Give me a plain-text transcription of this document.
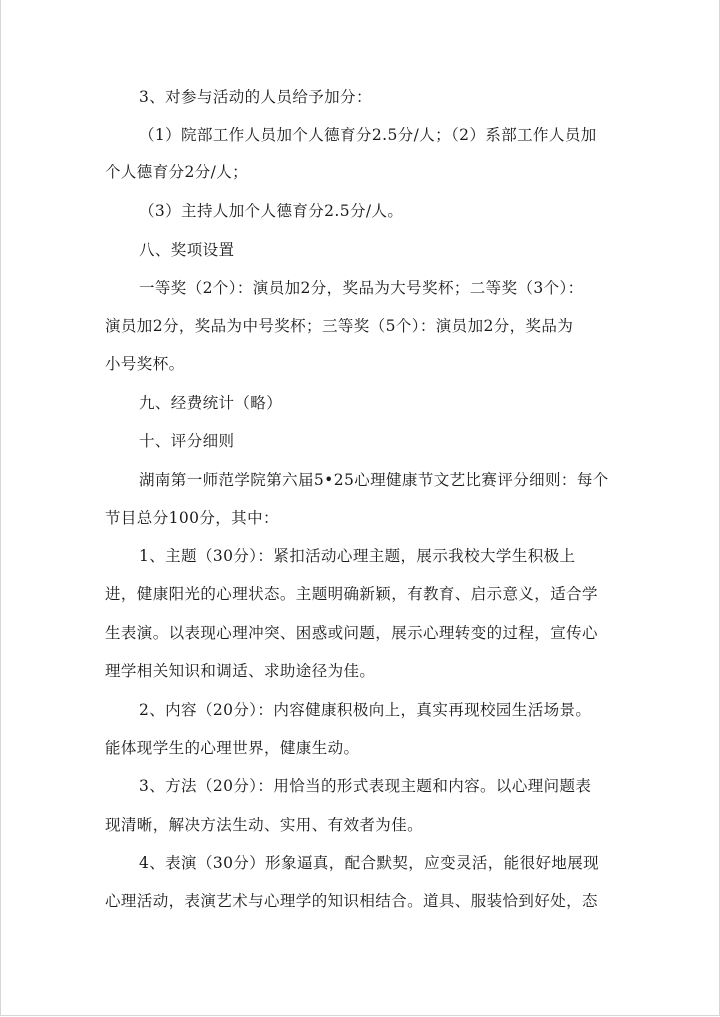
3、对参与活动的人员给予加分：
（1）院部工作人员加个人德育分2.5分/人；（2）系部工作人员加
个人德育分2分/人；
（3）主持人加个人德育分2.5分/人。
八、奖项设置
一等奖（2个）：演员加2分，奖品为大号奖杯；二等奖（3个）：
演员加2分，奖品为中号奖杯；三等奖（5个）：演员加2分，奖品为
小号奖杯。
九、经费统计（略）
十、评分细则
湖南第一师范学院第六届5•25心理健康节文艺比赛评分细则：每个
节目总分100分，其中：
1、主题（30分）：紧扣活动心理主题，展示我校大学生积极上
进，健康阳光的心理状态。主题明确新颖，有教育、启示意义，适合学
生表演。以表现心理冲突、困惑或问题，展示心理转变的过程，宣传心
理学相关知识和调适、求助途径为佳。
2、内容（20分）：内容健康积极向上，真实再现校园生活场景。
能体现学生的心理世界，健康生动。
3、方法（20分）：用恰当的形式表现主题和内容。以心理问题表
现清晰，解决方法生动、实用、有效者为佳。
4、表演（30分）形象逼真，配合默契，应变灵活，能很好地展现
心理活动，表演艺术与心理学的知识相结合。道具、服装恰到好处，态
